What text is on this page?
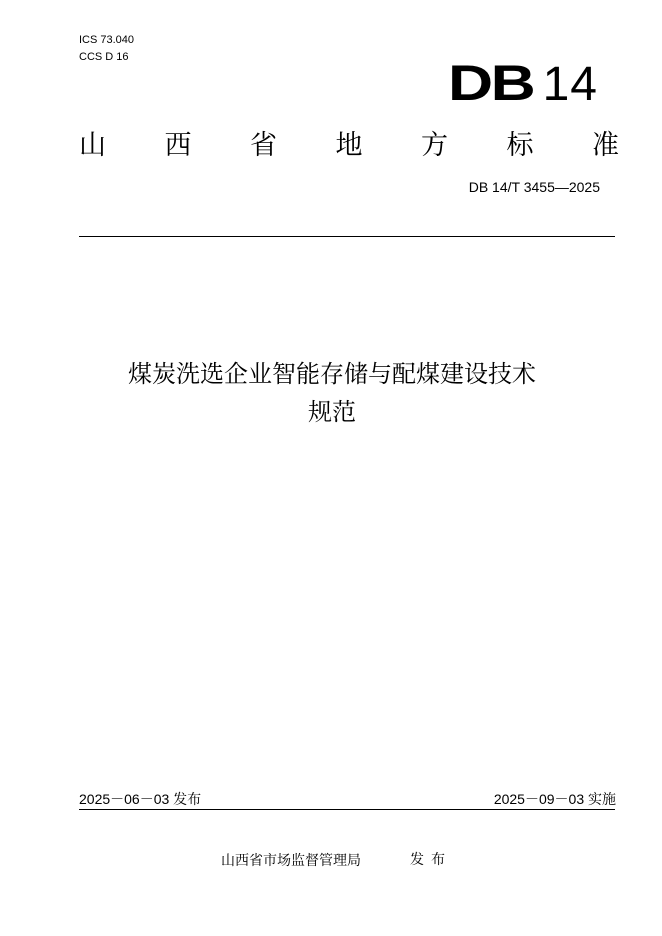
ICS 73.040
CCS D 16	DB 14
山 西 省 地 方 标 准
DB 14/T 3455—2025
煤炭洗选企业智能存储与配煤建设技术
规范
2025－06－03 发布	2025－09－03 实施
山西省市场监督管理局	发布
